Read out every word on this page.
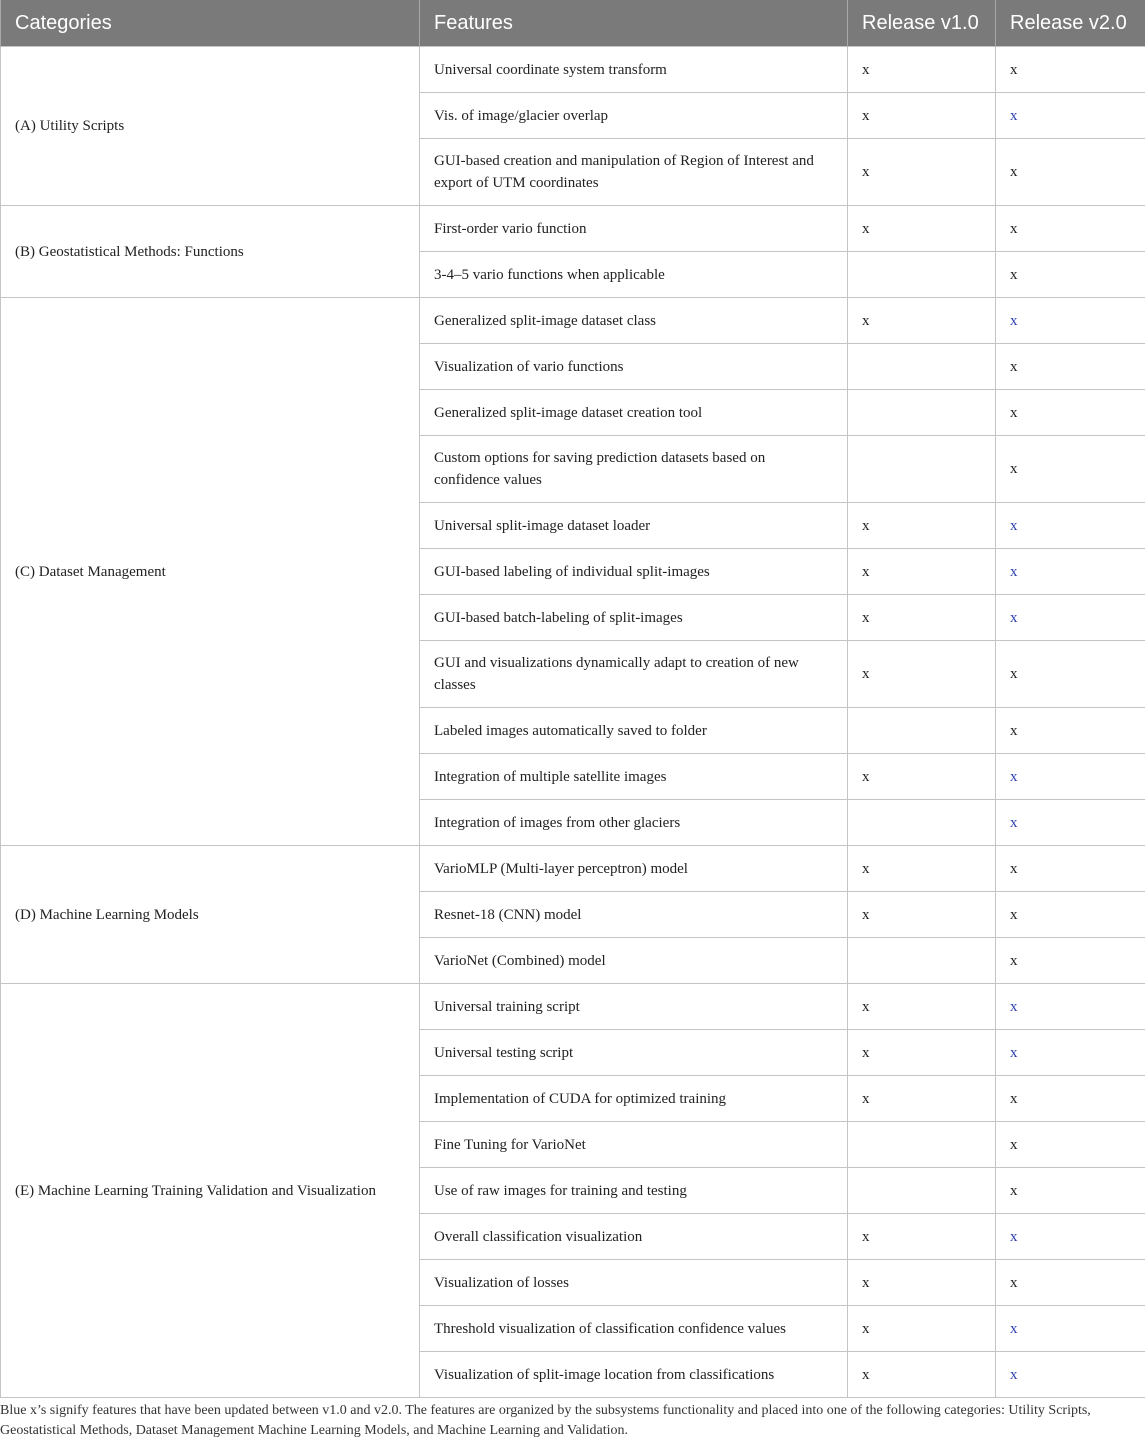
Categories	Features	Release v1.0	Release v2.0
(A) Utility Scripts	Universal coordinate system transform	x	x
	Vis. of image/glacier overlap	x	x
	GUI-based creation and manipulation of Region of Interest and export of UTM coordinates	x	x
(B) Geostatistical Methods: Functions	First-order vario function	x	x
	3-4–5 vario functions when applicable		x
(C) Dataset Management	Generalized split-image dataset class	x	x
	Visualization of vario functions		x
	Generalized split-image dataset creation tool		x
	Custom options for saving prediction datasets based on confidence values		x
	Universal split-image dataset loader	x	x
	GUI-based labeling of individual split-images	x	x
	GUI-based batch-labeling of split-images	x	x
	GUI and visualizations dynamically adapt to creation of new classes	x	x
	Labeled images automatically saved to folder		x
	Integration of multiple satellite images	x	x
	Integration of images from other glaciers		x
(D) Machine Learning Models	VarioMLP (Multi-layer perceptron) model	x	x
	Resnet-18 (CNN) model	x	x
	VarioNet (Combined) model		x
(E) Machine Learning Training Validation and Visualization	Universal training script	x	x
	Universal testing script	x	x
	Implementation of CUDA for optimized training	x	x
	Fine Tuning for VarioNet		x
	Use of raw images for training and testing		x
	Overall classification visualization	x	x
	Visualization of losses	x	x
	Threshold visualization of classification confidence values	x	x
	Visualization of split-image location from classifications	x	x
Blue x’s signify features that have been updated between v1.0 and v2.0. The features are organized by the subsystems functionality and placed into one of the following categories: Utility Scripts, Geostatistical Methods, Dataset Management Machine Learning Models, and Machine Learning and Validation.
